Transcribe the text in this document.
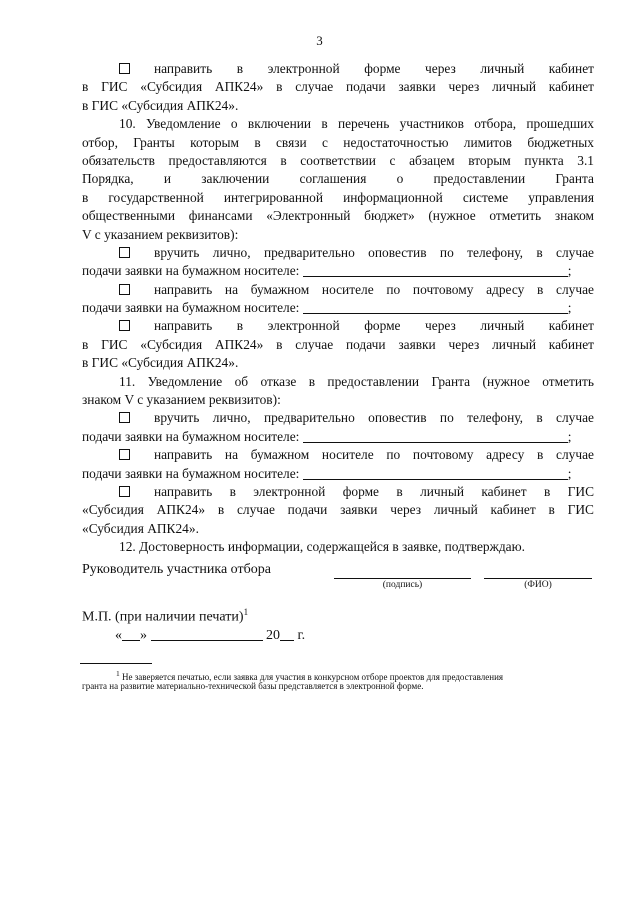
3
направить в электронной форме через личный кабинет
в ГИС «Субсидия АПК24» в случае подачи заявки через личный кабинет
в ГИС «Субсидия АПК24».
10. Уведомление о включении в перечень участников отбора, прошедших
отбор, Гранты которым в связи с недостаточностью лимитов бюджетных
обязательств предоставляются в соответствии с абзацем вторым пункта 3.1
Порядка, и заключении соглашения о предоставлении Гранта
в государственной интегрированной информационной системе управления
общественными финансами «Электронный бюджет» (нужное отметить знаком
V с указанием реквизитов):
вручить лично, предварительно оповестив по телефону, в случае
подачи заявки на бумажном носителе:	;
направить на бумажном носителе по почтовому адресу в случае
подачи заявки на бумажном носителе:	;
направить в электронной форме через личный кабинет
в ГИС «Субсидия АПК24» в случае подачи заявки через личный кабинет
в ГИС «Субсидия АПК24».
11. Уведомление об отказе в предоставлении Гранта (нужное отметить
знаком V с указанием реквизитов):
вручить лично, предварительно оповестив по телефону, в случае
подачи заявки на бумажном носителе:	;
направить на бумажном носителе по почтовому адресу в случае
подачи заявки на бумажном носителе:	;
направить в электронной форме в личный кабинет в ГИС
«Субсидия АПК24» в случае подачи заявки через личный кабинет в ГИС
«Субсидия АПК24».
12. Достоверность информации, содержащейся в заявке, подтверждаю.
Руководитель участника отбора
(подпись)	(ФИО)
М.П. (при наличии печати)$^1$
« »	20 г.
$^1$ Не заверяется печатью, если заявка для участия в конкурсном отборе проектов для предоставления
гранта на развитие материально-технической базы представляется в электронной форме.
